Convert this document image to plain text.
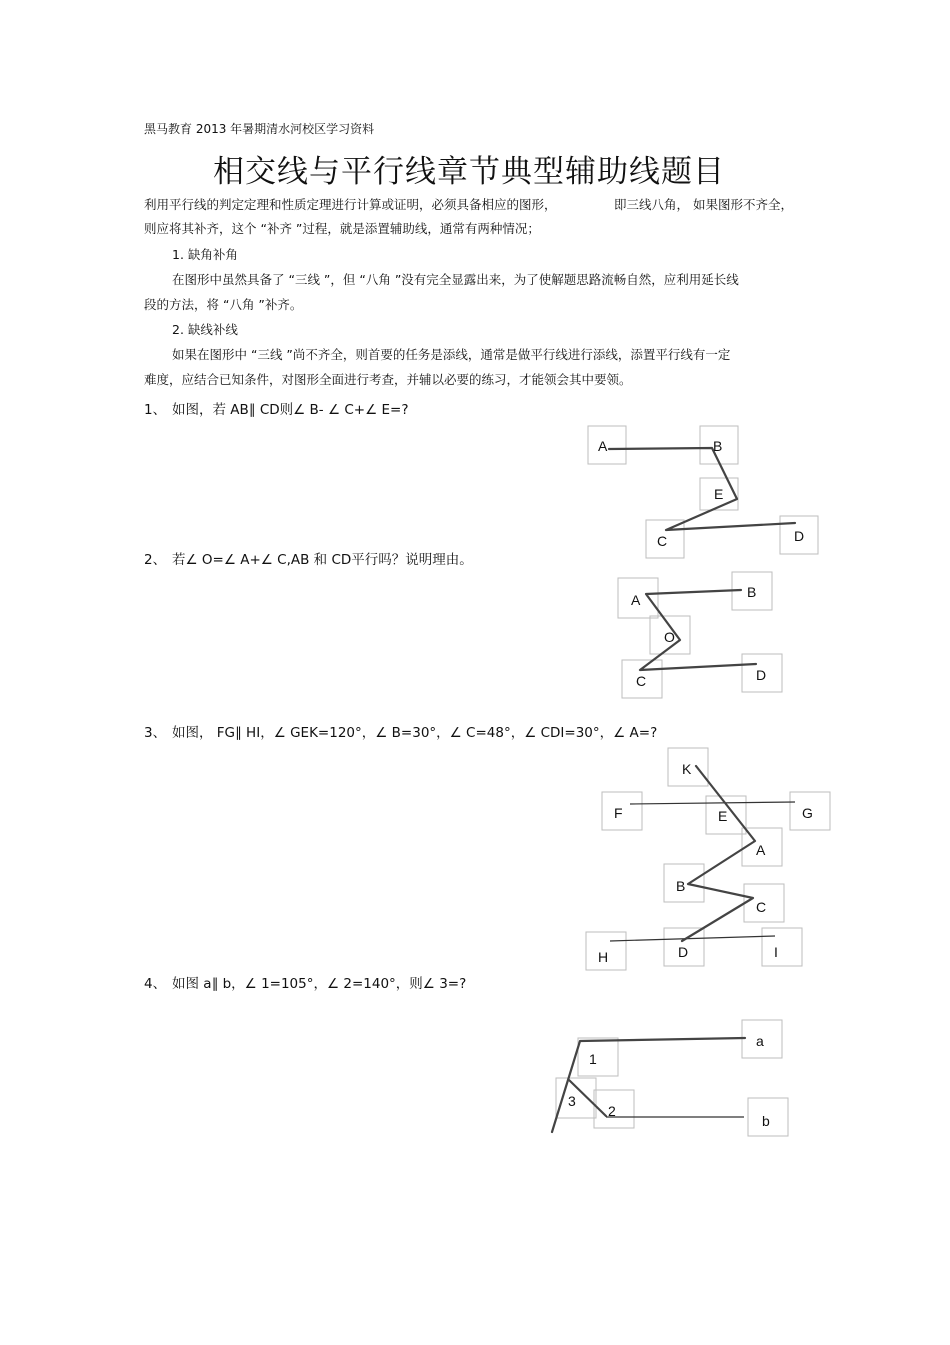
黑马教育 2013 年暑期清水河校区学习资料
相交线与平行线章节典型辅助线题目
利用平行线的判定定理和性质定理进行计算或证明，必须具备相应的图形，	即三线八角， 如果图形不齐全，
则应将其补齐，这个 “补齐 ”过程，就是添置辅助线，通常有两种情况；
1. 缺角补角
在图形中虽然具备了 “三线 ”，但 “八角 ”没有完全显露出来，为了使解题思路流畅自然，应利用延长线
段的方法，将 “八角 ”补齐。
2. 缺线补线
如果在图形中 “三线 ”尚不齐全，则首要的任务是添线，通常是做平行线进行添线，添置平行线有一定
难度，应结合已知条件，对图形全面进行考查，并辅以必要的练习，才能领会其中要领。
1、 如图，若 AB∥ CD则∠ B- ∠ C+∠ E=?
A	B
E
C	D
2、 若∠ O=∠ A+∠ C,AB 和 CD平行吗？说明理由。
A	B
O
C	D
3、 如图， FG∥ HI，∠ GEK=120°，∠ B=30°，∠ C=48°，∠ CDI=30°，∠ A=?
K
F	E	G
A
B
C
H	D	I
4、 如图 a∥ b，∠ 1=105°，∠ 2=140°，则∠ 3=?
1
a
3
2
b
